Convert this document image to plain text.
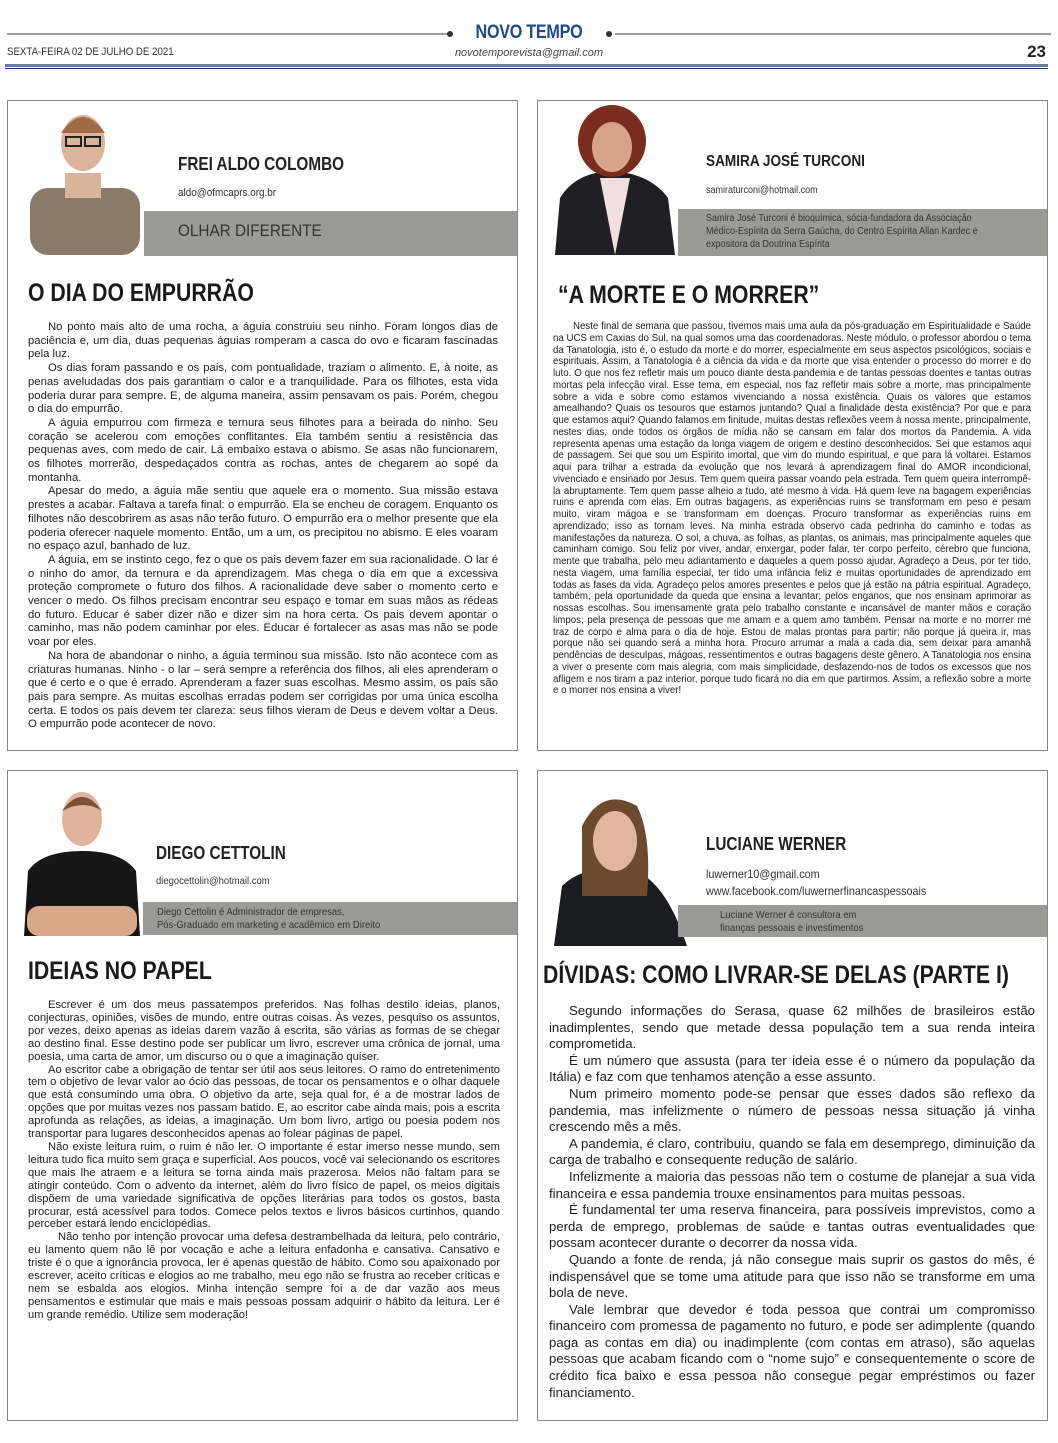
NOVO TEMPO
novotemporevista@gmail.com
SEXTA-FEIRA 02 DE JULHO DE 2021	23
FREI ALDO COLOMBO
aldo@ofmcaprs.org.br
OLHAR DIFERENTE
O DIA DO EMPURRÃO

No ponto mais alto de uma rocha, a águia construiu seu ninho. Foram longos dias de paciência e, um dia, duas pequenas águias romperam a casca do ovo e ficaram fascinadas pela luz.

Os dias foram passando e os pais, com pontualidade, traziam o alimento. E, à noite, as penas aveludadas dos pais garantiam o calor e a tranquilidade. Para os filhotes, esta vida poderia durar para sempre. E, de alguma maneira, assim pensavam os pais. Porém, chegou o dia do empurrão.

A águia empurrou com firmeza e ternura seus filhotes para a beirada do ninho. Seu coração se acelerou com emoções conflitantes. Ela também sentiu a resistência das pequenas aves, com medo de cair. Lá embaixo estava o abismo. Se asas não funcionarem, os filhotes morrerão, despedaçados contra as rochas, antes de chegarem ao sopé da montanha.

Apesar do medo, a águia mãe sentiu que aquele era o momento. Sua missão estava prestes a acabar. Faltava a tarefa final: o empurrão. Ela se encheu de coragem. Enquanto os filhotes não descobrirem as asas não terão futuro. O empurrão era o melhor presente que ela poderia oferecer naquele momento. Então, um a um, os precipitou no abismo. E eles voaram no espaço azul, banhado de luz.

A águia, em se instinto cego, fez o que os pais devem fazer em sua racionalidade. O lar é o ninho do amor, da ternura e da aprendizagem. Mas chega o dia em que a excessiva proteção compromete o futuro dos filhos. A racionalidade deve saber o momento certo e vencer o medo. Os filhos precisam encontrar seu espaço e tomar em suas mãos as rédeas do futuro. Educar é saber dizer não e dizer sim na hora certa. Os pais devem apontar o caminho, mas não podem caminhar por eles. Educar é fortalecer as asas mas não se pode voar por eles.

Na hora de abandonar o ninho, a águia terminou sua missão. Isto não acontece com as criaturas humanas. Ninho - o lar – será sempre a referência dos filhos, ali eles aprenderam o que é certo e o que é errado. Aprenderam a fazer suas escolhas. Mesmo assim, os pais são pais para sempre. As muitas escolhas erradas podem ser corrigidas por uma única escolha certa. E todos os pais devem ter clareza: seus filhos vieram de Deus e devem voltar a Deus. O empurrão pode acontecer de novo.

SAMIRA JOSÉ TURCONI
samiraturconi@hotmail.com
Samira José Turconi é bioquímica, sócia-fundadora da Associação
Médico-Espírita da Serra Gaúcha, do Centro Espírita Allan Kardec e
expositora da Doutrina Espírita
“A MORTE E O MORRER”

Neste final de semana que passou, tivemos mais uma aula da pós-graduação em Espiritualidade e Saúde na UCS em Caxias do Sul, na qual somos uma das coordenadoras. Neste módulo, o professor abordou o tema da Tanatologia, isto é, o estudo da morte e do morrer, especialmente em seus aspectos psicológicos, sociais e espirituais. Assim, a Tanatologia é a ciência da vida e da morte que visa entender o processo do morrer e do luto. O que nos fez refletir mais um pouco diante desta pandemia e de tantas pessoas doentes e tantas outras mortas pela infecção viral. Esse tema, em especial, nos faz refletir mais sobre a morte, mas principalmente sobre a vida e sobre como estamos vivenciando a nossa existência. Quais os valores que estamos amealhando? Quais os tesouros que estamos juntando? Qual a finalidade desta existência? Por que e para que estamos aqui? Quando falamos em finitude, muitas destas reflexões veem à nossa mente, principalmente, nestes dias, onde todos os órgãos de mídia não se cansam em falar dos mortos da Pandemia. A vida representa apenas uma estação da longa viagem de origem e destino desconhecidos. Sei que estamos aqui de passagem. Sei que sou um Espírito imortal, que vim do mundo espiritual, e que para lá voltarei. Estamos aqui para trilhar a estrada da evolução que nos levará à aprendizagem final do AMOR incondicional, vivenciado e ensinado por Jesus. Tem quem queira passar voando pela estrada. Tem quem queira interrompê-la abruptamente. Tem quem passe alheio a tudo, até mesmo à vida. Há quem leve na bagagem experiências ruins e aprenda com elas. Em outras bagagens, as experiências ruins se transformam em peso e pesam muito, viram mágoa e se transformam em doenças. Procuro transformar as experiências ruins em aprendizado; isso as tornam leves. Na minha estrada observo cada pedrinha do caminho e todas as manifestações da natureza. O sol, a chuva, as folhas, as plantas, os animais, mas principalmente aqueles que caminham comigo. Sou feliz por viver, andar, enxergar, poder falar, ter corpo perfeito, cérebro que funciona, mente que trabalha, pelo meu adiantamento e daqueles a quem posso ajudar. Agradeço a Deus, por ter tido, nesta viagem, uma família especial, ter tido uma infância feliz e muitas oportunidades de aprendizado em todas as fases da vida. Agradeço pelos amores presentes e pelos que já estão na pátria espiritual. Agradeço, também, pela oportunidade da queda que ensina a levantar; pelos enganos, que nos ensinam aprimorar as nossas escolhas. Sou imensamente grata pelo trabalho constante e incansável de manter mãos e coração limpos; pela presença de pessoas que me amam e a quem amo também. Pensar na morte e no morrer me traz de corpo e alma para o dia de hoje. Estou de malas prontas para partir; não porque já queira ir, mas porque não sei quando será a minha hora. Procuro arrumar a mala a cada dia, sem deixar para amanhã pendências de desculpas, mágoas, ressentimentos e outras bagagens deste gênero. A Tanatologia nos ensina a viver o presente com mais alegria, com mais simplicidade, desfazendo-nos de todos os excessos que nos afligem e nos tiram a paz interior, porque tudo ficará no dia em que partirmos. Assim, a reflexão sobre a morte e o morrer nos ensina a viver!

DIEGO CETTOLIN
diegocettolin@hotmail.com
Diego Cettolin é Administrador de empresas,
Pós-Graduado em marketing e acadêmico em Direito
IDEIAS NO PAPEL

Escrever é um dos meus passatempos preferidos. Nas folhas destilo ideias, planos, conjecturas, opiniões, visões de mundo, entre outras coisas. Às vezes, pesquiso os assuntos, por vezes, deixo apenas as ideias darem vazão à escrita, são várias as formas de se chegar ao destino final. Esse destino pode ser publicar um livro, escrever uma crônica de jornal, uma poesia, uma carta de amor, um discurso ou o que a imaginação quiser.

Ao escritor cabe a obrigação de tentar ser útil aos seus leitores. O ramo do entretenimento tem o objetivo de levar valor ao ócio das pessoas, de tocar os pensamentos e o olhar daquele que está consumindo uma obra. O objetivo da arte, seja qual for, é a de mostrar lados de opções que por muitas vezes nos passam batido. E, ao escritor cabe ainda mais, pois a escrita aprofunda as relações, as ideias, a imaginação. Um bom livro, artigo ou poesia podem nos transportar para lugares desconhecidos apenas ao folear páginas de papel.

Não existe leitura ruim, o ruim é não ler. O importante é estar imerso nesse mundo, sem leitura tudo fica muito sem graça e superficial. Aos poucos, você vai selecionando os escritores que mais lhe atraem e a leitura se torna ainda mais prazerosa. Meios não faltam para se atingir conteúdo. Com o advento da internet, além do livro físico de papel, os meios digitais dispõem de uma variedade significativa de opções literárias para todos os gostos, basta procurar, está acessível para todos. Comece pelos textos e livros básicos curtinhos, quando perceber estará lendo enciclopédias.

Não tenho por intenção provocar uma defesa destrambelhada da leitura, pelo contrário, eu lamento quem não lê por vocação e ache a leitura enfadonha e cansativa. Cansativo e triste é o que a ignorância provoca, ler é apenas questão de hábito. Como sou apaixonado por escrever, aceito críticas e elogios ao me trabalho, meu ego não se frustra ao receber críticas e nem se esbalda aos elogios. Minha intenção sempre foi a de dar vazão aos meus pensamentos e estimular que mais e mais pessoas possam adquirir o hábito da leitura. Ler é um grande remédio. Utilize sem moderação!

LUCIANE WERNER
luwerner10@gmail.com
www.facebook.com/luwernerfinancaspessoais
Luciane Werner é consultora em
finanças pessoais e investimentos
DÍVIDAS: COMO LIVRAR-SE DELAS (PARTE I)

Segundo informações do Serasa, quase 62 milhões de brasileiros estão inadimplentes, sendo que metade dessa população tem a sua renda inteira comprometida.

É um número que assusta (para ter ideia esse é o número da população da Itália) e faz com que tenhamos atenção a esse assunto.

Num primeiro momento pode-se pensar que esses dados são reflexo da pandemia, mas infelizmente o número de pessoas nessa situação já vinha crescendo mês a mês.

A pandemia, é claro, contribuiu, quando se fala em desemprego, diminuição da carga de trabalho e consequente redução de salário.

Infelizmente a maioria das pessoas não tem o costume de planejar a sua vida financeira e essa pandemia trouxe ensinamentos para muitas pessoas.

É fundamental ter uma reserva financeira, para possíveis imprevistos, como a perda de emprego, problemas de saúde e tantas outras eventualidades que possam acontecer durante o decorrer da nossa vida.

Quando a fonte de renda, já não consegue mais suprir os gastos do mês, é indispensável que se tome uma atitude para que isso não se transforme em uma bola de neve.

Vale lembrar que devedor é toda pessoa que contrai um compromisso financeiro com promessa de pagamento no futuro, e pode ser adimplente (quando paga as contas em dia) ou inadimplente (com contas em atraso), são aquelas pessoas que acabam ficando com o “nome sujo” e consequentemente o score de crédito fica baixo e essa pessoa não consegue pegar empréstimos ou fazer financiamento.
